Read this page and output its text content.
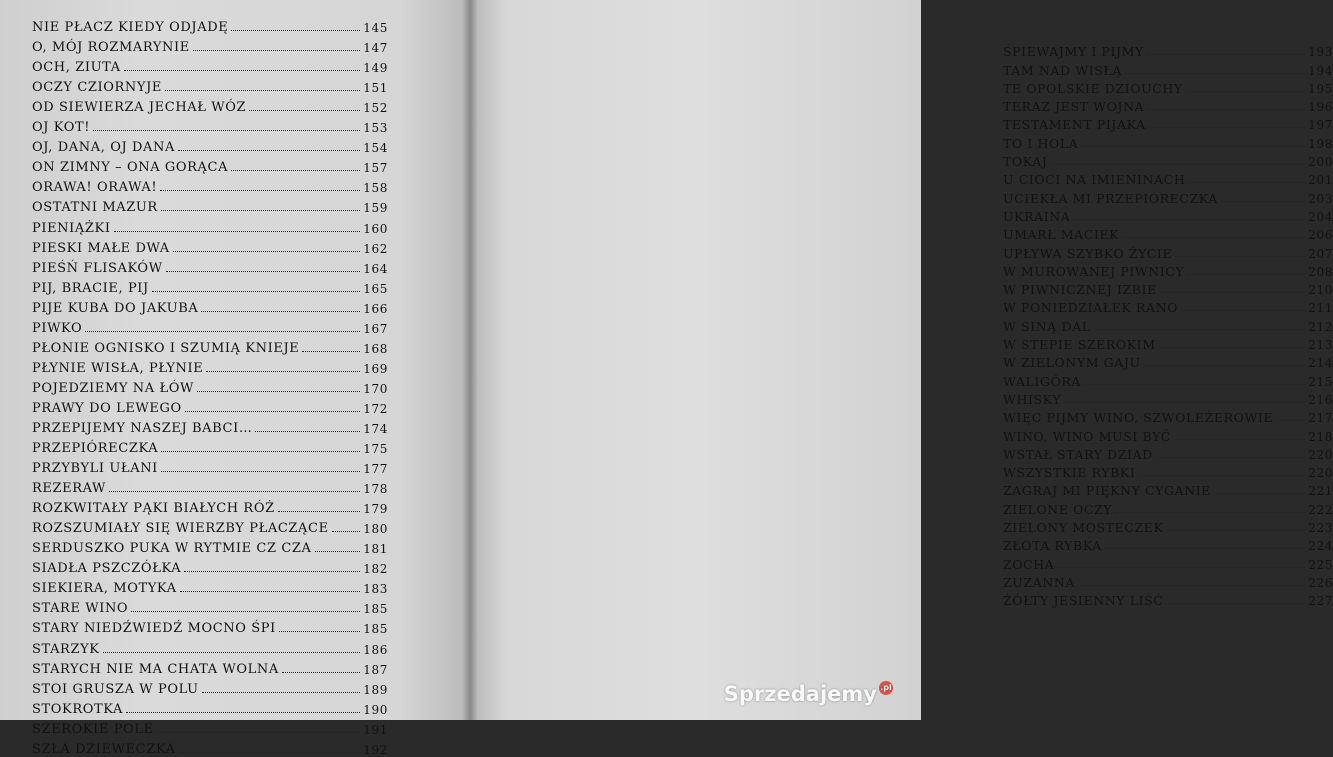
NIE PŁACZ KIEDY ODJADĘ	145
O, MÓJ ROZMARYNIE	147
OCH, ZIUTA	149
OCZY CZIORNYJE	151
OD SIEWIERZA JECHAŁ WÓZ	152
OJ KOT!	153
OJ, DANA, OJ DANA	154
ON ZIMNY – ONA GORĄCA	157
ORAWA! ORAWA!	158
OSTATNI MAZUR	159
PIENIĄŻKI	160
PIESKI MAŁE DWA	162
PIEŚŃ FLISAKÓW	164
PIJ, BRACIE, PIJ	165
PIJE KUBA DO JAKUBA	166
PIWKO	167
PŁONIE OGNISKO I SZUMIĄ KNIEJE	168
PŁYNIE WISŁA, PŁYNIE	169
POJEDZIEMY NA ŁÓW	170
PRAWY DO LEWEGO	172
PRZEPIJEMY NASZEJ BABCI…	174
PRZEPIÓRECZKA	175
PRZYBYLI UŁANI	177
REZERAW	178
ROZKWITAŁY PĄKI BIAŁYCH RÓŻ	179
ROZSZUMIAŁY SIĘ WIERZBY PŁACZĄCE	180
SERDUSZKO PUKA W RYTMIE CZ CZA	181
SIADŁA PSZCZÓŁKA	182
SIEKIERA, MOTYKA	183
STARE WINO	185
STARY NIEDŹWIEDŹ MOCNO ŚPI	185
STARZYK	186
STARYCH NIE MA CHATA WOLNA	187
STOI GRUSZA W POLU	189
STOKROTKA	190
SZEROKIE POLE	191
SZŁA DZIEWECZKA	192
ŚPIEWAJMY I PIJMY	193
TAM NAD WISŁĄ	194
TE OPOLSKIE DZIOUCHY	195
TERAZ JEST WOJNA	196
TESTAMENT PIJAKA	197
TO I HOLA	198
TOKAJ	200
U CIOCI NA IMIENINACH	201
UCIEKŁA MI PRZEPIÓRECZKA	203
UKRAINA	204
UMARŁ MACIEK	206
UPŁYWA SZYBKO ŻYCIE	207
W MUROWANEJ PIWNICY	208
W PIWNICZNEJ IZBIE	210
W PONIEDZIAŁEK RANO	211
W SINĄ DAL	212
W STEPIE SZEROKIM	213
W ZIELONYM GAJU	214
WALIGÓRA	215
WHISKY	216
WIĘC PIJMY WINO, SZWOLEŻEROWIE	217
WINO, WINO MUSI BYĆ	218
WSTAŁ STARY DZIAD	220
WSZYSTKIE RYBKI	220
ZAGRAJ MI PIĘKNY CYGANIE	221
ZIELONE OCZY	222
ZIELONY MOSTECZEK	223
ZŁOTA RYBKA	224
ZOCHA	225
ZUZANNA	226
ŻÓŁTY JESIENNY LIŚĆ	227
Sprzedajemy .pl
